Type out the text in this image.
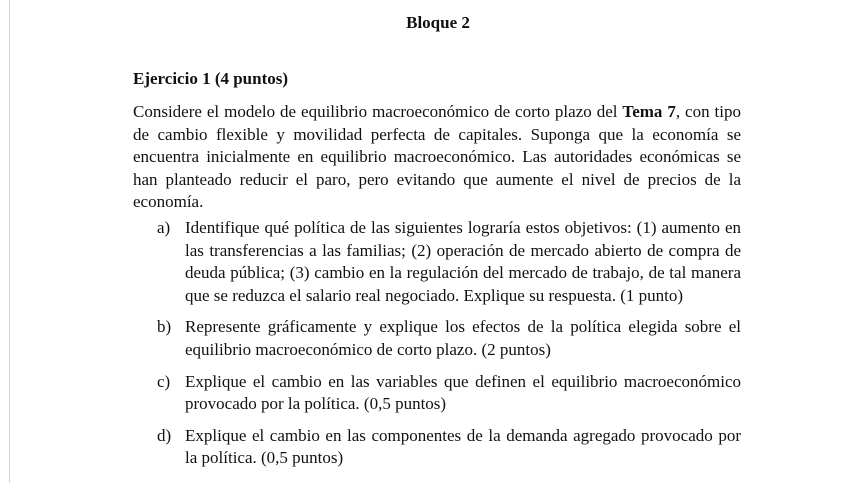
Bloque 2
Ejercicio 1 (4 puntos)

Considere el modelo de equilibrio macroeconómico de corto plazo del Tema 7, con tipo de cambio flexible y movilidad perfecta de capitales. Suponga que la economía se encuentra inicialmente en equilibrio macroeconómico. Las autoridades económicas se han planteado reducir el paro, pero evitando que aumente el nivel de precios de la economía.

a) Identifique qué política de las siguientes lograría estos objetivos: (1) aumento en las transferencias a las familias; (2) operación de mercado abierto de compra de deuda pública; (3) cambio en la regulación del mercado de trabajo, de tal manera que se reduzca el salario real negociado. Explique su respuesta. (1 punto)
b) Represente gráficamente y explique los efectos de la política elegida sobre el equilibrio macroeconómico de corto plazo. (2 puntos)
c) Explique el cambio en las variables que definen el equilibrio macroeconómico provocado por la política. (0,5 puntos)
d) Explique el cambio en las componentes de la demanda agregado provocado por la política. (0,5 puntos)
